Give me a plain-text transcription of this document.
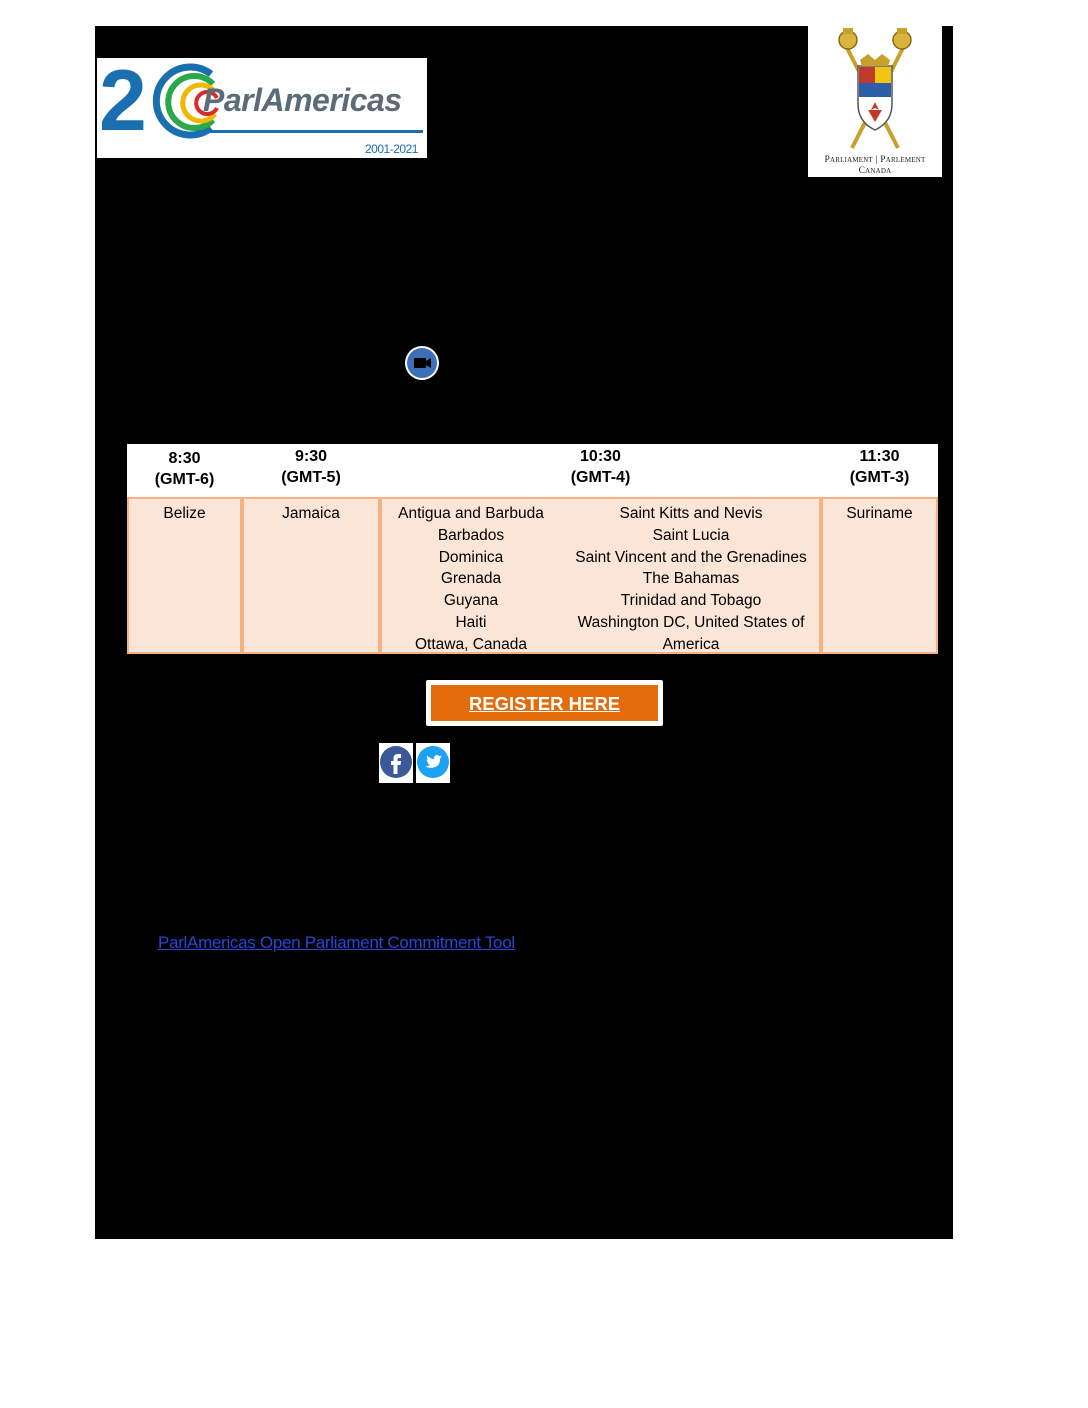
2 ParlAmericas
2001-2021
Parliament | Parlement
Canada
8:30
(GMT-6)
9:30
(GMT-5)
10:30
(GMT-4)
11:30
(GMT-3)
Belize	Jamaica	Antigua and Barbuda
Barbados
Dominica
Grenada
Guyana
Haiti
Ottawa, Canada
Saint Kitts and Nevis
Saint Lucia
Saint Vincent and the Grenadines
The Bahamas
Trinidad and Tobago
Washington DC, United States of
America
Suriname
REGISTER HERE
ParlAmericas Open Parliament Commitment Tool
